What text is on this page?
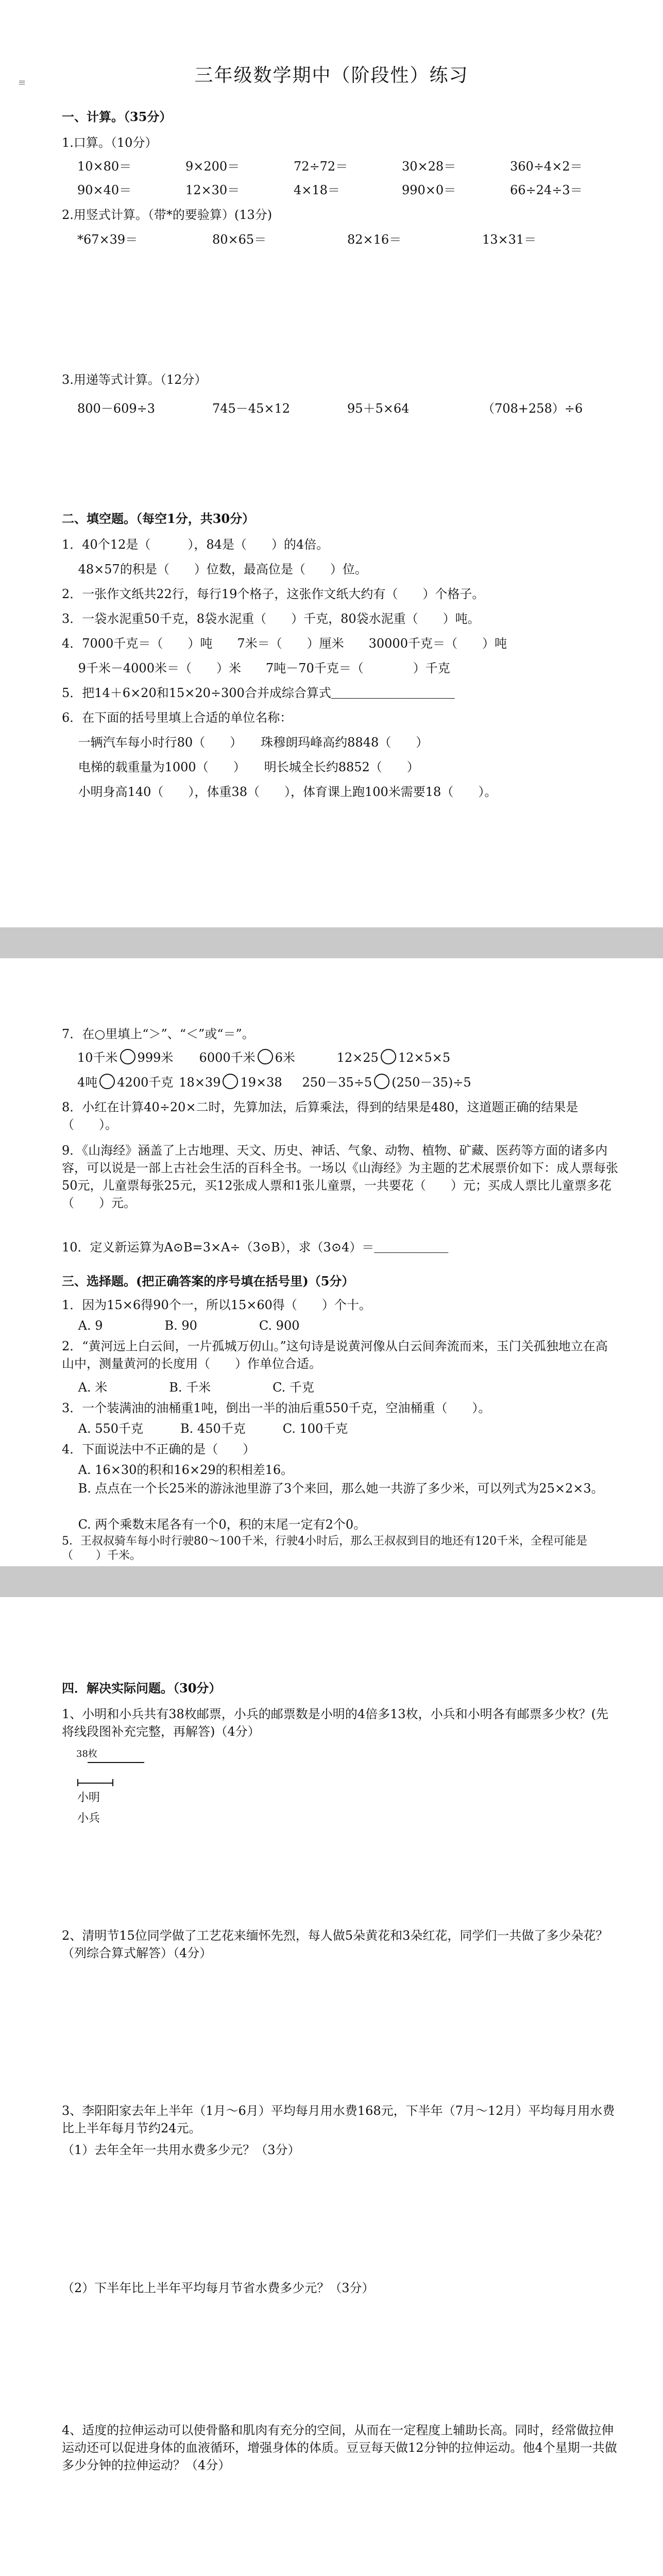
≡	三年级数学期中（阶段性）练习
一、计算。（35分）
1.口算。（10分）
10×80＝	9×200＝	72÷72＝	30×28＝	360÷4×2＝
90×40＝	12×30＝	4×18＝	990×0＝	66÷24÷3＝
2.用竖式计算。（带*的要验算）(13分)
*67×39＝	80×65＝	82×16＝	13×31＝
3.用递等式计算。（12分）
800－609÷3	745－45×12	95＋5×64	（708+258）÷6
二、填空题。（每空1分，共30分）
1．40个12是（　　　），84是（　　）的4倍。
　 48×57的积是（　　）位数，最高位是（　　）位。
2．一张作文纸共22行，每行19个格子，这张作文纸大约有（　　）个格子。
3．一袋水泥重50千克，8袋水泥重（　　）千克，80袋水泥重（　　）吨。
4．7000千克＝（　　）吨　　7米＝（　　）厘米　　30000千克＝（　　）吨
　 9千米－4000米＝（　　）米　　7吨－70千克＝（　　　　）千克
5．把14＋6×20和15×20÷300合并成综合算式＿＿＿＿＿＿＿＿＿＿
6．在下面的括号里填上合适的单位名称：
　 一辆汽车每小时行80（　　）　　珠穆朗玛峰高约8848（　　）
　 电梯的载重量为1000（　　）　　明长城全长约8852（　　）
　 小明身高140（　　），体重38（　　），体育课上跑100米需要18（　　）。
7．在○里填上“＞”、“＜”或“＝”。
10千米 999米	6000千米 6米	12×25 12×5×5
4吨 4200千克 18×39 19×38	250－35÷5 (250－35)÷5
8．小红在计算40÷20×二时，先算加法，后算乘法，得到的结果是480，这道题正确的结果是（　　）。
9．《山海经》涵盖了上古地理、天文、历史、神话、气象、动物、植物、矿藏、医药等方面的诸多内容，可以说是一部上古社会生活的百科全书。一场以《山海经》为主题的艺术展票价如下：成人票每张50元，儿童票每张25元，买12张成人票和1张儿童票，一共要花（　　）元；买成人票比儿童票多花（　　）元。
10．定义新运算为A⊙B=3×A÷（3⊙B），求（3⊙4）＝＿＿＿＿＿＿
三、选择题。(把正确答案的序号填在括号里)（5分）
1．因为15×6得90个一，所以15×60得（　　）个十。
　 A. 9　　　　　B. 90　　　　　C. 900
2．“黄河远上白云间，一片孤城万仞山。”这句诗是说黄河像从白云间奔流而来，玉门关孤独地立在高山中，测量黄河的长度用（　　）作单位合适。
　 A. 米　　　　　B. 千米　　　　　C. 千克
3．一个装满油的油桶重1吨，倒出一半的油后重550千克，空油桶重（　　）。
　 A. 550千克　　　B. 450千克　　　C. 100千克
4．下面说法中不正确的是（　　）
　 A. 16×30的积和16×29的积相差16。
　 B. 点点在一个长25米的游泳池里游了3个来回，那么她一共游了多少米，可以列式为25×2×3。
　 C. 两个乘数末尾各有一个0，积的末尾一定有2个0。
5．王叔叔骑车每小时行驶80～100千米，行驶4小时后，那么王叔叔到目的地还有120千米，全程可能是（　　）千米。
四．解决实际问题。（30分）
1、小明和小兵共有38枚邮票，小兵的邮票数是小明的4倍多13枚，小兵和小明各有邮票多少枚？(先将线段图补充完整，再解答)（4分）
38枚
小明
小兵
2、清明节15位同学做了工艺花来缅怀先烈，每人做5朵黄花和3朵红花，同学们一共做了多少朵花？（列综合算式解答）（4分）
3、李阳阳家去年上半年（1月～6月）平均每月用水费168元，下半年（7月～12月）平均每月用水费比上半年每月节约24元。
（1）去年全年一共用水费多少元？（3分）
（2）下半年比上半年平均每月节省水费多少元？（3分）
4、适度的拉伸运动可以使骨骼和肌肉有充分的空间，从而在一定程度上辅助长高。同时，经常做拉伸运动还可以促进身体的血液循环，增强身体的体质。豆豆每天做12分钟的拉伸运动。他4个星期一共做多少分钟的拉伸运动？（4分）
